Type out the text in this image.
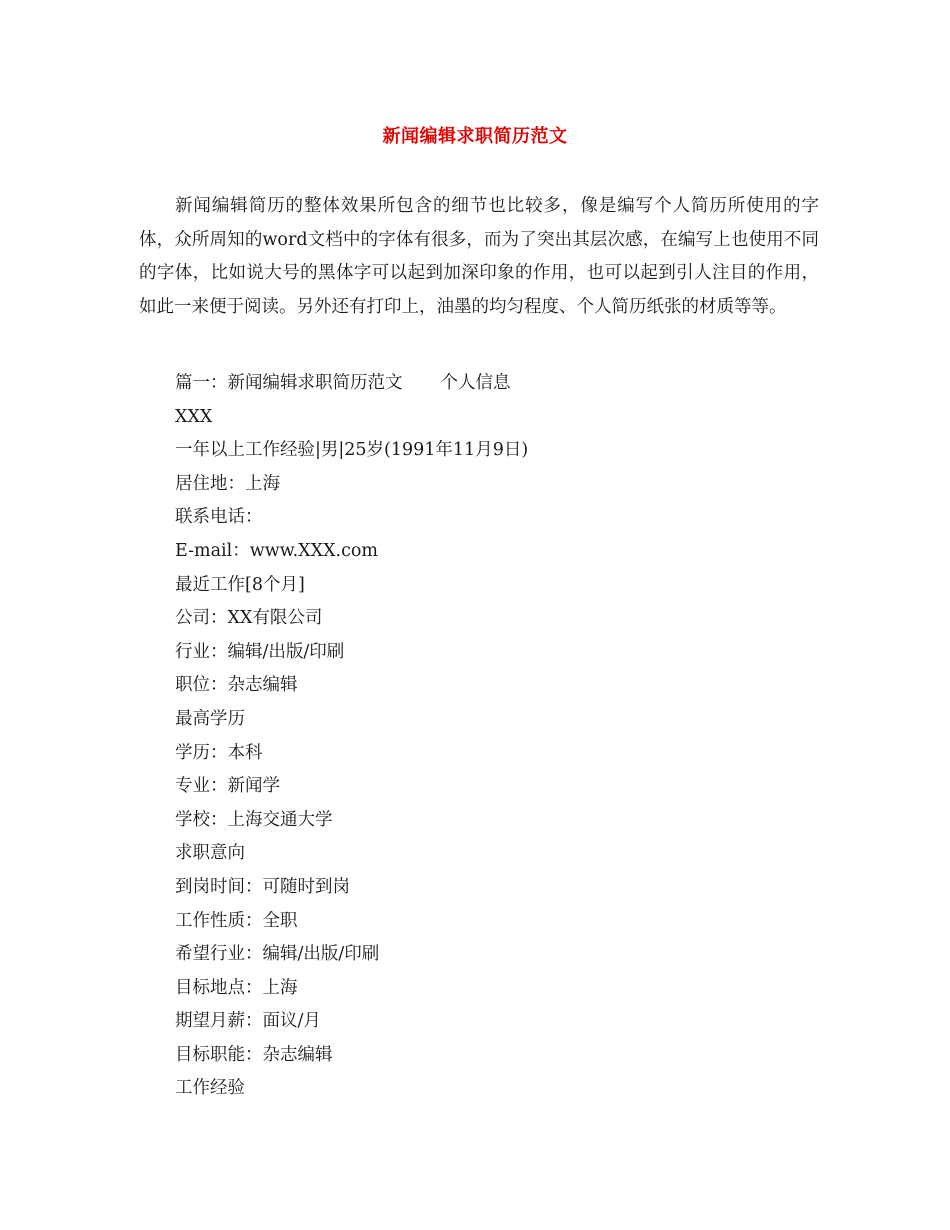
新闻编辑求职简历范文

新闻编辑简历的整体效果所包含的细节也比较多，像是编写个人简历所使用的字体，众所周知的word文档中的字体有很多，而为了突出其层次感，在编写上也使用不同的字体，比如说大号的黑体字可以起到加深印象的作用，也可以起到引人注目的作用，如此一来便于阅读。另外还有打印上，油墨的均匀程度、个人简历纸张的材质等等。

篇一：新闻编辑求职简历范文 个人信息
XXX
一年以上工作经验|男|25岁(1991年11月9日)
居住地：上海
联系电话：
E-mail：www.XXX.com
最近工作[8个月]
公司：XX有限公司
行业：编辑/出版/印刷
职位：杂志编辑
最高学历
学历：本科
专业：新闻学
学校：上海交通大学
求职意向
到岗时间：可随时到岗
工作性质：全职
希望行业：编辑/出版/印刷
目标地点：上海
期望月薪：面议/月
目标职能：杂志编辑
工作经验
